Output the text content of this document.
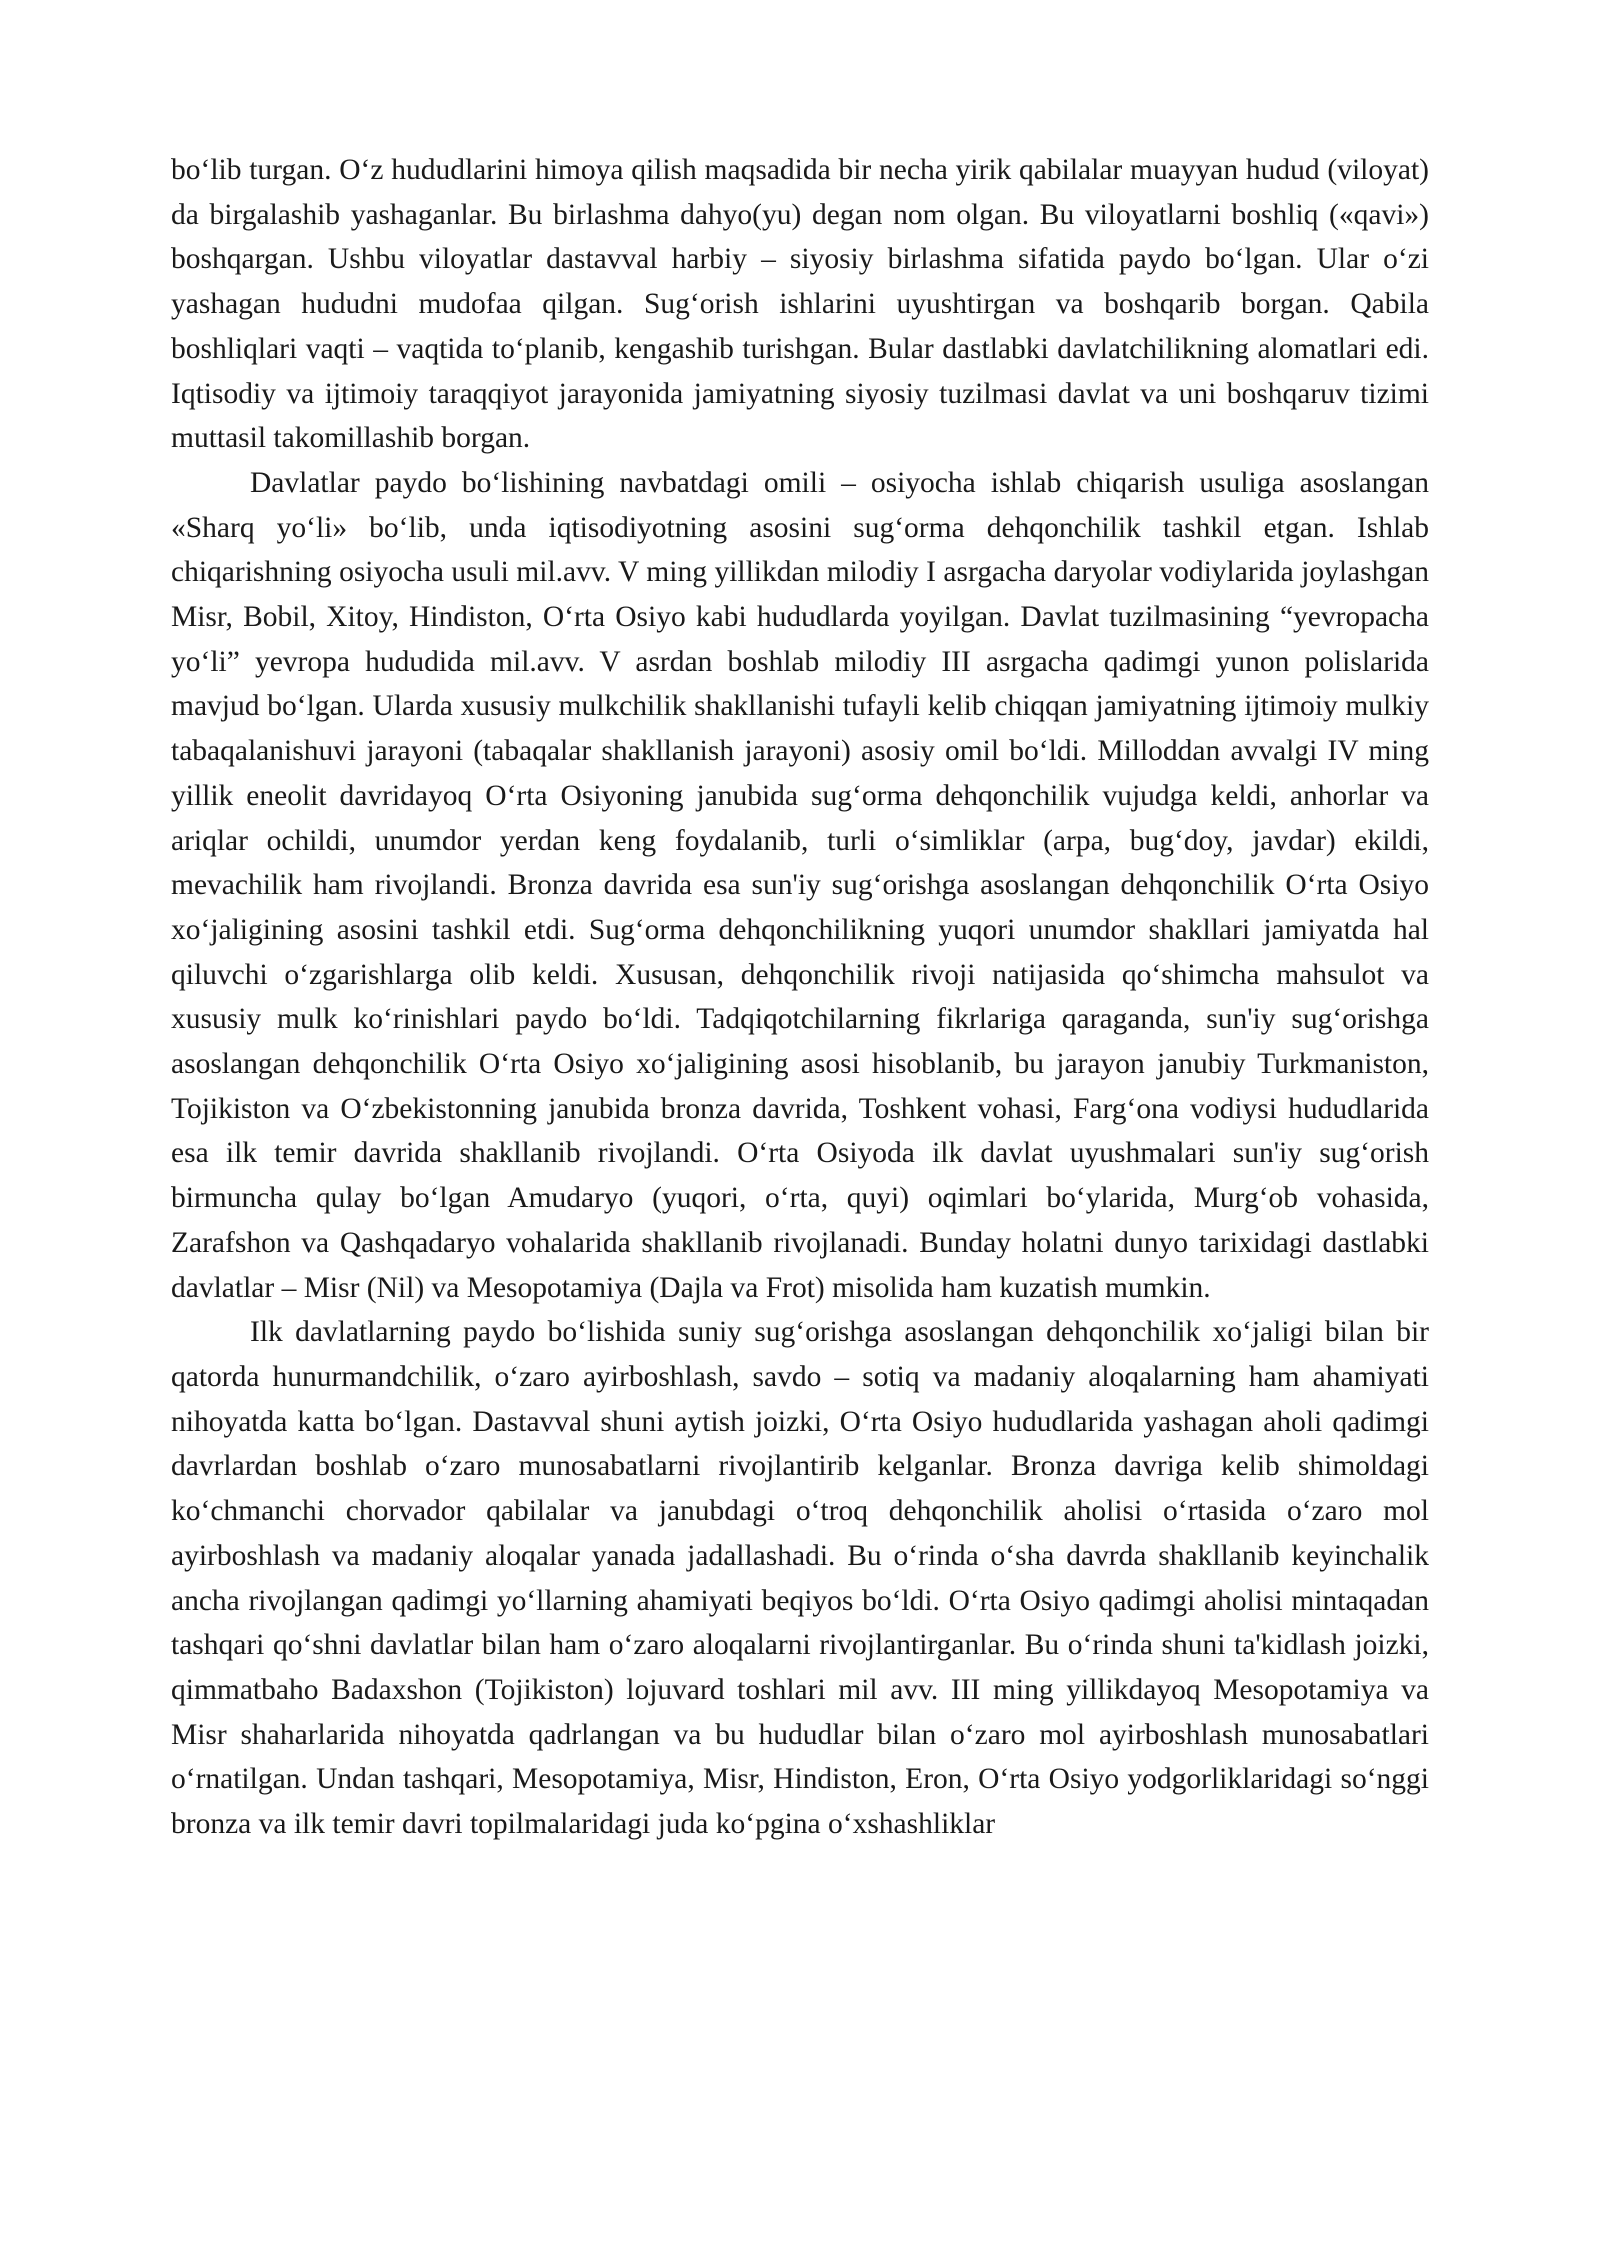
bo‘lib turgan. O‘z hududlarini himoya qilish maqsadida bir necha yirik qabilalar muayyan hudud (viloyat) da birgalashib yashaganlar. Bu birlashma dahyo(yu) degan nom olgan. Bu viloyatlarni boshliq («qavi») boshqargan. Ushbu viloyatlar dastavval harbiy – siyosiy birlashma sifatida paydo bo‘lgan. Ular o‘zi yashagan hududni mudofaa qilgan. Sug‘orish ishlarini uyushtirgan va boshqarib borgan. Qabila boshliqlari vaqti – vaqtida to‘planib, kengashib turishgan. Bular dastlabki davlatchilikning alomatlari edi. Iqtisodiy va ijtimoiy taraqqiyot jarayonida jamiyatning siyosiy tuzilmasi davlat va uni boshqaruv tizimi muttasil takomillashib borgan.

Davlatlar paydo bo‘lishining navbatdagi omili – osiyocha ishlab chiqarish usuliga asoslangan «Sharq yo‘li» bo‘lib, unda iqtisodiyotning asosini sug‘orma dehqonchilik tashkil etgan. Ishlab chiqarishning osiyocha usuli mil.avv. V ming yillikdan milodiy I asrgacha daryolar vodiylarida joylashgan Misr, Bobil, Xitoy, Hindiston, O‘rta Osiyo kabi hududlarda yoyilgan. Davlat tuzilmasining “yevropacha yo‘li” yevropa hududida mil.avv. V asrdan boshlab milodiy III asrgacha qadimgi yunon polislarida mavjud bo‘lgan. Ularda xususiy mulkchilik shakllanishi tufayli kelib chiqqan jamiyatning ijtimoiy mulkiy tabaqalanishuvi jarayoni (tabaqalar shakllanish jarayoni) asosiy omil bo‘ldi. Milloddan avvalgi IV ming yillik eneolit davridayoq O‘rta Osiyoning janubida sug‘orma dehqonchilik vujudga keldi, anhorlar va ariqlar ochildi, unumdor yerdan keng foydalanib, turli o‘simliklar (arpa, bug‘doy, javdar) ekildi, mevachilik ham rivojlandi. Bronza davrida esa sun'iy sug‘orishga asoslangan dehqonchilik O‘rta Osiyo xo‘jaligining asosini tashkil etdi. Sug‘orma dehqonchilikning yuqori unumdor shakllari jamiyatda hal qiluvchi o‘zgarishlarga olib keldi. Xususan, dehqonchilik rivoji natijasida qo‘shimcha mahsulot va xususiy mulk ko‘rinishlari paydo bo‘ldi. Tadqiqotchilarning fikrlariga qaraganda, sun'iy sug‘orishga asoslangan dehqonchilik O‘rta Osiyo xo‘jaligining asosi hisoblanib, bu jarayon janubiy Turkmaniston, Tojikiston va O‘zbekistonning janubida bronza davrida, Toshkent vohasi, Farg‘ona vodiysi hududlarida esa ilk temir davrida shakllanib rivojlandi. O‘rta Osiyoda ilk davlat uyushmalari sun'iy sug‘orish birmuncha qulay bo‘lgan Amudaryo (yuqori, o‘rta, quyi) oqimlari bo‘ylarida, Murg‘ob vohasida, Zarafshon va Qashqadaryo vohalarida shakllanib rivojlanadi. Bunday holatni dunyo tarixidagi dastlabki davlatlar – Misr (Nil) va Mesopotamiya (Dajla va Frot) misolida ham kuzatish mumkin.

Ilk davlatlarning paydo bo‘lishida suniy sug‘orishga asoslangan dehqonchilik xo‘jaligi bilan bir qatorda hunurmandchilik, o‘zaro ayirboshlash, savdo – sotiq va madaniy aloqalarning ham ahamiyati nihoyatda katta bo‘lgan. Dastavval shuni aytish joizki, O‘rta Osiyo hududlarida yashagan aholi qadimgi davrlardan boshlab o‘zaro munosabatlarni rivojlantirib kelganlar. Bronza davriga kelib shimoldagi ko‘chmanchi chorvador qabilalar va janubdagi o‘troq dehqonchilik aholisi o‘rtasida o‘zaro mol ayirboshlash va madaniy aloqalar yanada jadallashadi. Bu o‘rinda o‘sha davrda shakllanib keyinchalik ancha rivojlangan qadimgi yo‘llarning ahamiyati beqiyos bo‘ldi. O‘rta Osiyo qadimgi aholisi mintaqadan tashqari qo‘shni davlatlar bilan ham o‘zaro aloqalarni rivojlantirganlar. Bu o‘rinda shuni ta'kidlash joizki, qimmatbaho Badaxshon (Tojikiston) lojuvard toshlari mil avv. III ming yillikdayoq Mesopotamiya va Misr shaharlarida nihoyatda qadrlangan va bu hududlar bilan o‘zaro mol ayirboshlash munosabatlari o‘rnatilgan. Undan tashqari, Mesopotamiya, Misr, Hindiston, Eron, O‘rta Osiyo yodgorliklaridagi so‘nggi bronza va ilk temir davri topilmalaridagi juda ko‘pgina o‘xshashliklar
